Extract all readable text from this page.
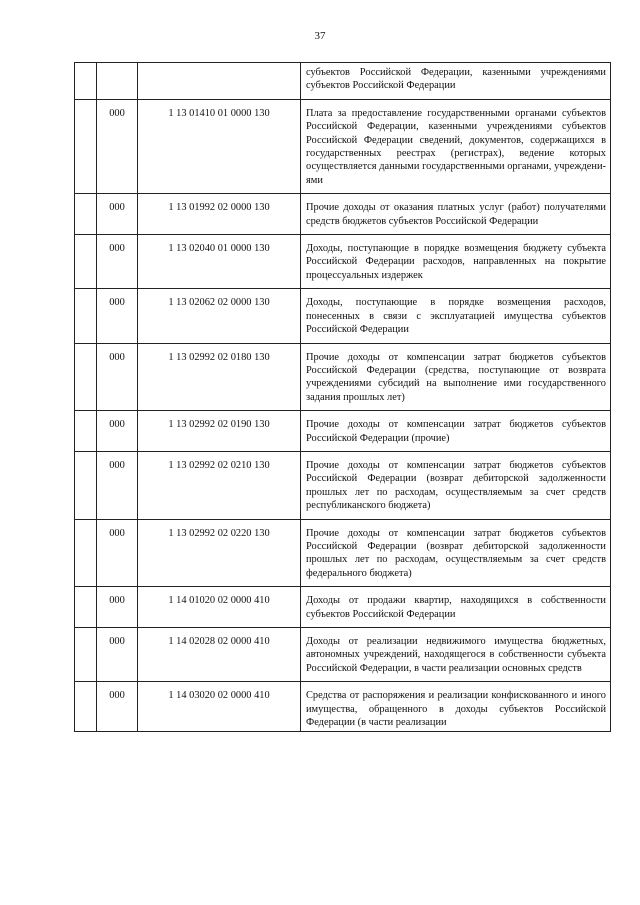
37
			субъектов Российской Федерации, казенными учреждениями субъектов Российской Федерации
	000	1 13 01410 01 0000 130	Плата за предоставление государственными органами субъектов Российской Федерации, казенными учреждениями субъектов Российской Федерации сведений, документов, содержащихся в государственных реестрах (регистрах), ведение которых осуществляется данными государственными органами, учреждениями
	000	1 13 01992 02 0000 130	Прочие доходы от оказания платных услуг (работ) получателями средств бюджетов субъектов Российской Федерации
	000	1 13 02040 01 0000 130	Доходы, поступающие в порядке возмещения бюджету субъекта Российской Федерации расходов, направленных на покрытие процессуальных издержек
	000	1 13 02062 02 0000 130	Доходы, поступающие в порядке возмещения расходов, понесенных в связи с эксплуатацией имущества субъектов Российской Федерации
	000	1 13 02992 02 0180 130	Прочие доходы от компенсации затрат бюджетов субъектов Российской Федерации (средства, поступающие от возврата учреждениями субсидий на выполнение ими государственного задания прошлых лет)
	000	1 13 02992 02 0190 130	Прочие доходы от компенсации затрат бюджетов субъектов Российской Федерации (прочие)
	000	1 13 02992 02 0210 130	Прочие доходы от компенсации затрат бюджетов субъектов Российской Федерации (возврат дебиторской задолженности прошлых лет по расходам, осуществляемым за счет средств республиканского бюджета)
	000	1 13 02992 02 0220 130	Прочие доходы от компенсации затрат бюджетов субъектов Российской Федерации (возврат дебиторской задолженности прошлых лет по расходам, осуществляемым за счет средств федерального бюджета)
	000	1 14 01020 02 0000 410	Доходы от продажи квартир, находящихся в собственности субъектов Российской Федерации
	000	1 14 02028 02 0000 410	Доходы от реализации недвижимого имущества бюджетных, автономных учреждений, находящегося в собственности субъекта Российской Федерации, в части реализации основных средств
	000	1 14 03020 02 0000 410	Средства от распоряжения и реализации конфискованного и иного имущества, обращенного в доходы субъектов Российской Федерации (в части реализации
